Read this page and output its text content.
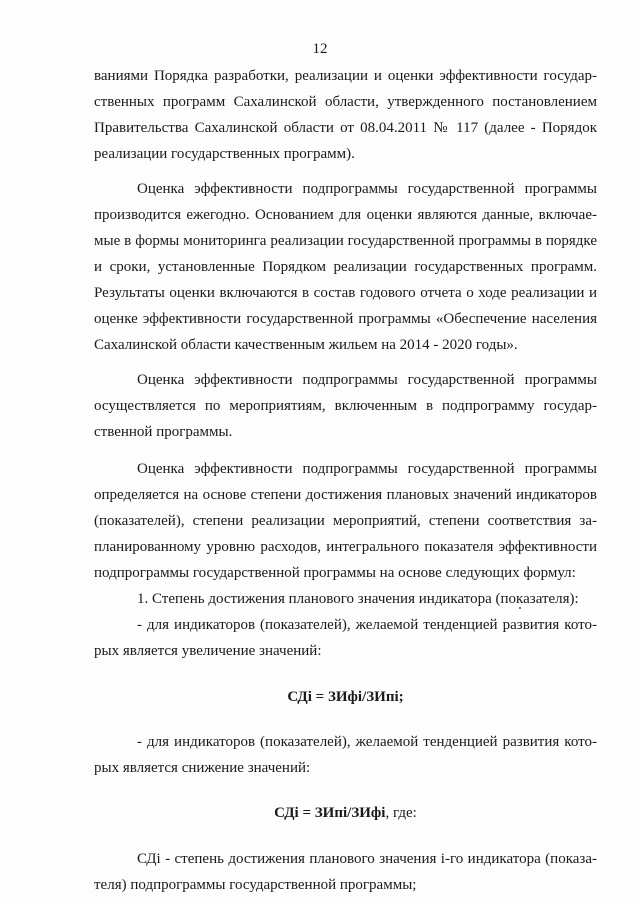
12

ваниями Порядка разработки, реализации и оценки эффективности государственных программ Сахалинской области, утвержденного постановлением Правительства Сахалинской области от 08.04.2011 № 117 (далее - Порядок реализации государственных программ).

Оценка эффективности подпрограммы государственной программы производится ежегодно. Основанием для оценки являются данные, включаемые в формы мониторинга реализации государственной программы в порядке и сроки, установленные Порядком реализации государственных программ. Результаты оценки включаются в состав годового отчета о ходе реализации и оценке эффективности государственной программы «Обеспечение населения Сахалинской области качественным жильем на 2014 - 2020 годы».

Оценка эффективности подпрограммы государственной программы осуществляется по мероприятиям, включенным в подпрограмму государственной программы.

Оценка эффективности подпрограммы государственной программы определяется на основе степени достижения плановых значений индикаторов (показателей), степени реализации мероприятий, степени соответствия запланированному уровню расходов, интегрального показателя эффективности подпрограммы государственной программы на основе следующих формул:

1. Степень достижения планового значения индикатора (показателя):

- для индикаторов (показателей), желаемой тенденцией развития которых является увеличение значений:

СДі = ЗИфі/ЗИпі;

- для индикаторов (показателей), желаемой тенденцией развития которых является снижение значений:

СДі = ЗИпі/ЗИфі, где:

СДі - степень достижения планового значения і-го индикатора (показателя) подпрограммы государственной программы;
